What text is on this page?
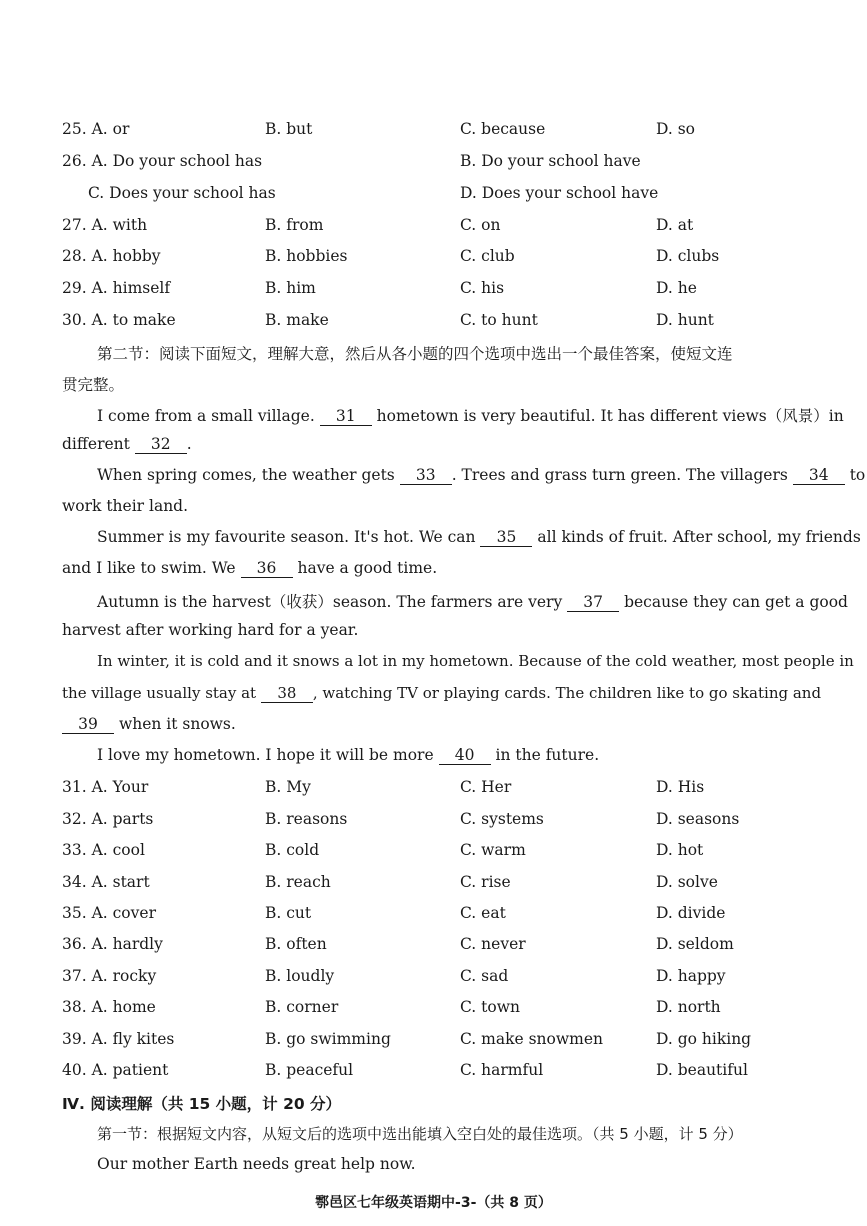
25. A. or	B. but	C. because	D. so
26. A. Do your school has	B. Do your school have
C. Does your school has	D. Does your school have
27. A. with	B. from	C. on	D. at
28. A. hobby	B. hobbies	C. club	D. clubs
29. A. himself	B. him	C. his	D. he
30. A. to make	B. make	C. to hunt	D. hunt
第二节：阅读下面短文，理解大意，然后从各小题的四个选项中选出一个最佳答案，使短文连
贯完整。
I come from a small village. 31 hometown is very beautiful. It has different views（风景）in
different 32 .
When spring comes, the weather gets 33 . Trees and grass turn green. The villagers 34 to
work their land.
Summer is my favourite season. It's hot. We can 35 all kinds of fruit. After school, my friends
and I like to swim. We 36 have a good time.
Autumn is the harvest（收获）season. The farmers are very 37 because they can get a good
harvest after working hard for a year.
In winter, it is cold and it snows a lot in my hometown. Because of the cold weather, most people in
the village usually stay at 38 , watching TV or playing cards. The children like to go skating and
39 when it snows.
I love my hometown. I hope it will be more 40 in the future.
31. A. Your	B. My	C. Her	D. His
32. A. parts	B. reasons	C. systems	D. seasons
33. A. cool	B. cold	C. warm	D. hot
34. A. start	B. reach	C. rise	D. solve
35. A. cover	B. cut	C. eat	D. divide
36. A. hardly	B. often	C. never	D. seldom
37. A. rocky	B. loudly	C. sad	D. happy
38. A. home	B. corner	C. town	D. north
39. A. fly kites	B. go swimming	C. make snowmen	D. go hiking
40. A. patient	B. peaceful	C. harmful	D. beautiful
Ⅳ. 阅读理解（共 15 小题，计 20 分）
第一节：根据短文内容，从短文后的选项中选出能填入空白处的最佳选项。（共 5 小题，计 5 分）
Our mother Earth needs great help now.
鄠邑区七年级英语期中-3-（共 8 页）
